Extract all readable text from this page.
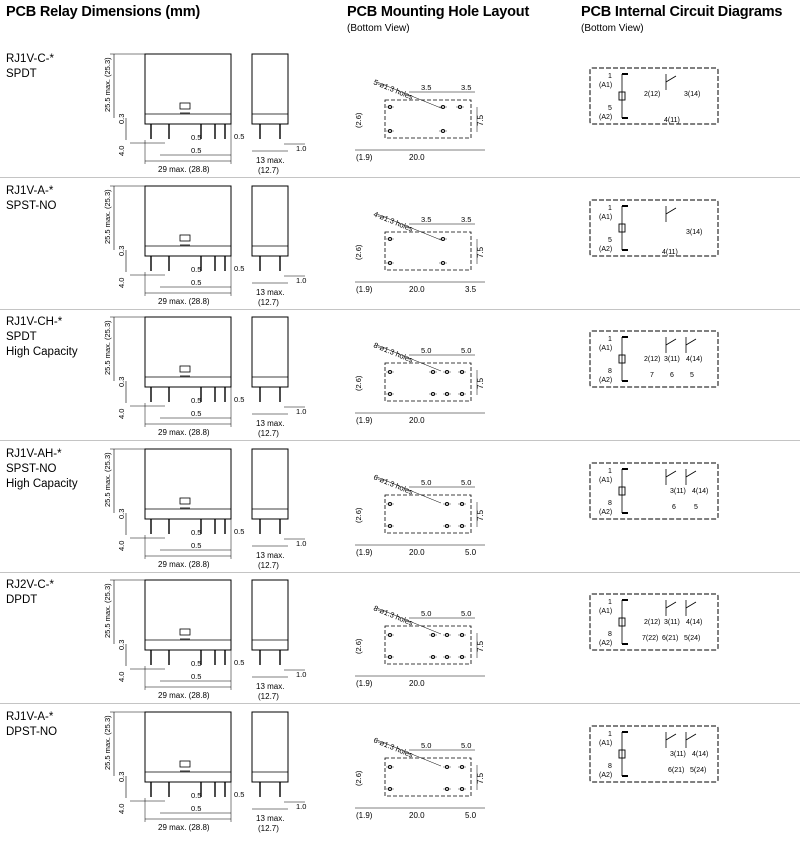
PCB Relay Dimensions (mm)	PCB Mounting Hole Layout
(Bottom View)
PCB Internal Circuit Diagrams
(Bottom View)
RJ1V-C-*
SPDT	25.5 max. (25.3)
0.3
4.0
0.5
0.5
0.5
29 max. (28.8)
1.0
13 max.
(12.7)
5-ø1.3 holes 3.5	3.5
(2.6)	7.5
(1.9)	20.0
1
(A1)
5
(A2)
2(12)	3(14)
4(11)
RJ1V-A-*
SPST-NO	25.5 max. (25.3)
0.3
4.0
0.5
0.5
0.5
29 max. (28.8)
1.0
13 max.
(12.7)
4-ø1.3 holes 3.5	3.5
(2.6)	7.5
(1.9)	20.0	3.5
1
(A1)
5
(A2)
3(14)
4(11)
RJ1V-CH-*
SPDT
High Capacity	25.5 max. (25.3)
0.3
4.0
0.5
0.5
0.5
29 max. (28.8)
1.0
13 max.
(12.7)
8-ø1.3 holes 5.0	5.0
(2.6)	7.5
(1.9)	20.0
1
(A1)
8
(A2)
2(12) 3(11) 4(14)
7 6 5
RJ1V-AH-*
SPST-NO
High Capacity	25.5 max. (25.3)
0.3
4.0
0.5
0.5
0.5
29 max. (28.8)
1.0
13 max.
(12.7)
6-ø1.3 holes 5.0	5.0
(2.6)	7.5
(1.9)	20.0	5.0
1
(A1)
8
(A2)
3(11) 4(14)
6	5
RJ2V-C-*
DPDT	25.5 max. (25.3)
0.3
4.0
0.5
0.5
0.5
29 max. (28.8)
1.0
13 max.
(12.7)
8-ø1.3 holes 5.0	5.0
(2.6)	7.5
(1.9)	20.0
1
(A1)
8
(A2)
2(12) 3(11) 4(14)
7(22) 6(21) 5(24)
RJ1V-A-*
DPST-NO	25.5 max. (25.3)
0.3
4.0
0.5
0.5
0.5
29 max. (28.8)
1.0
13 max.
(12.7)
6-ø1.3 holes 5.0	5.0
(2.6)	7.5
(1.9)	20.0	5.0
1
(A1)
8
(A2)
3(11) 4(14)
6(21) 5(24)
